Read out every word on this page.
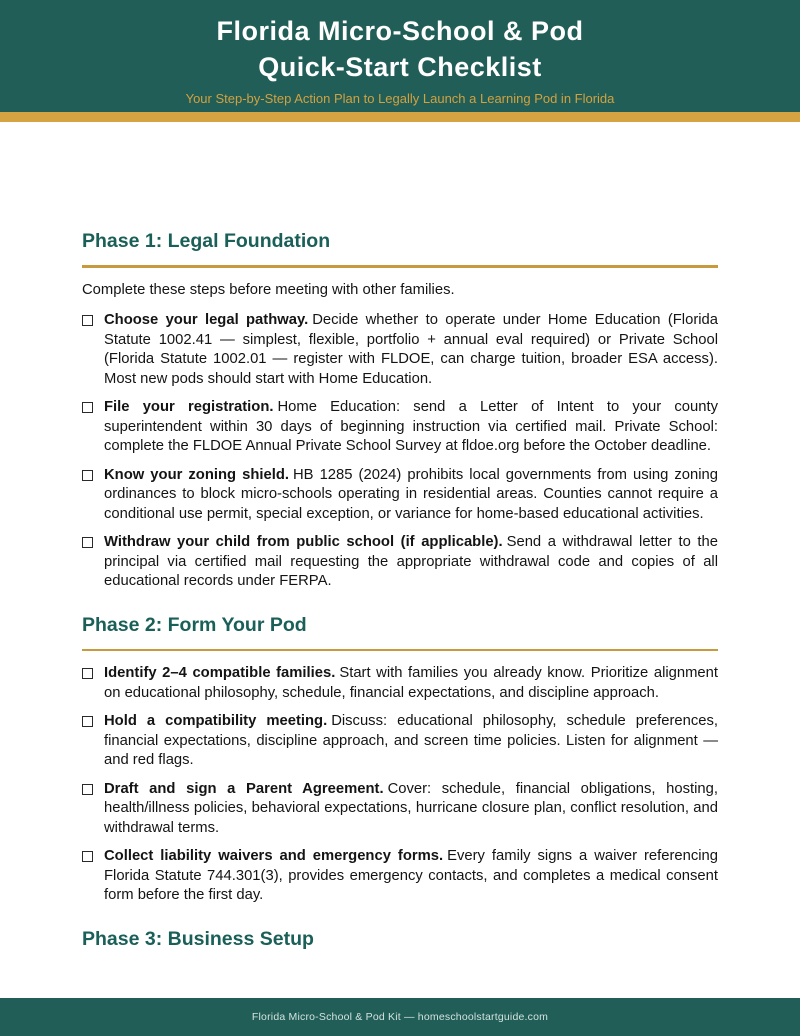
Florida Micro-School & Pod
Quick-Start Checklist
Your Step-by-Step Action Plan to Legally Launch a Learning Pod in Florida
Phase 1: Legal Foundation

Complete these steps before meeting with other families.

Choose your legal pathway. Decide whether to operate under Home Education (Florida Statute 1002.41 — simplest, flexible, portfolio + annual eval required) or Private School (Florida Statute 1002.01 — register with FLDOE, can charge tuition, broader ESA access). Most new pods should start with Home Education.

File your registration. Home Education: send a Letter of Intent to your county superintendent within 30 days of beginning instruction via certified mail. Private School: complete the FLDOE Annual Private School Survey at fldoe.org before the October deadline.

Know your zoning shield. HB 1285 (2024) prohibits local governments from using zoning ordinances to block micro-schools operating in residential areas. Counties cannot require a conditional use permit, special exception, or variance for home-based educational activities.

Withdraw your child from public school (if applicable). Send a withdrawal letter to the principal via certified mail requesting the appropriate withdrawal code and copies of all educational records under FERPA.

Phase 2: Form Your Pod

Identify 2–4 compatible families. Start with families you already know. Prioritize alignment on educational philosophy, schedule, financial expectations, and discipline approach.

Hold a compatibility meeting. Discuss: educational philosophy, schedule preferences, financial expectations, discipline approach, and screen time policies. Listen for alignment — and red flags.

Draft and sign a Parent Agreement. Cover: schedule, financial obligations, hosting, health/illness policies, behavioral expectations, hurricane closure plan, conflict resolution, and withdrawal terms.

Collect liability waivers and emergency forms. Every family signs a waiver referencing Florida Statute 744.301(3), provides emergency contacts, and completes a medical consent form before the first day.

Phase 3: Business Setup
Florida Micro-School & Pod Kit — homeschoolstartguide.com
